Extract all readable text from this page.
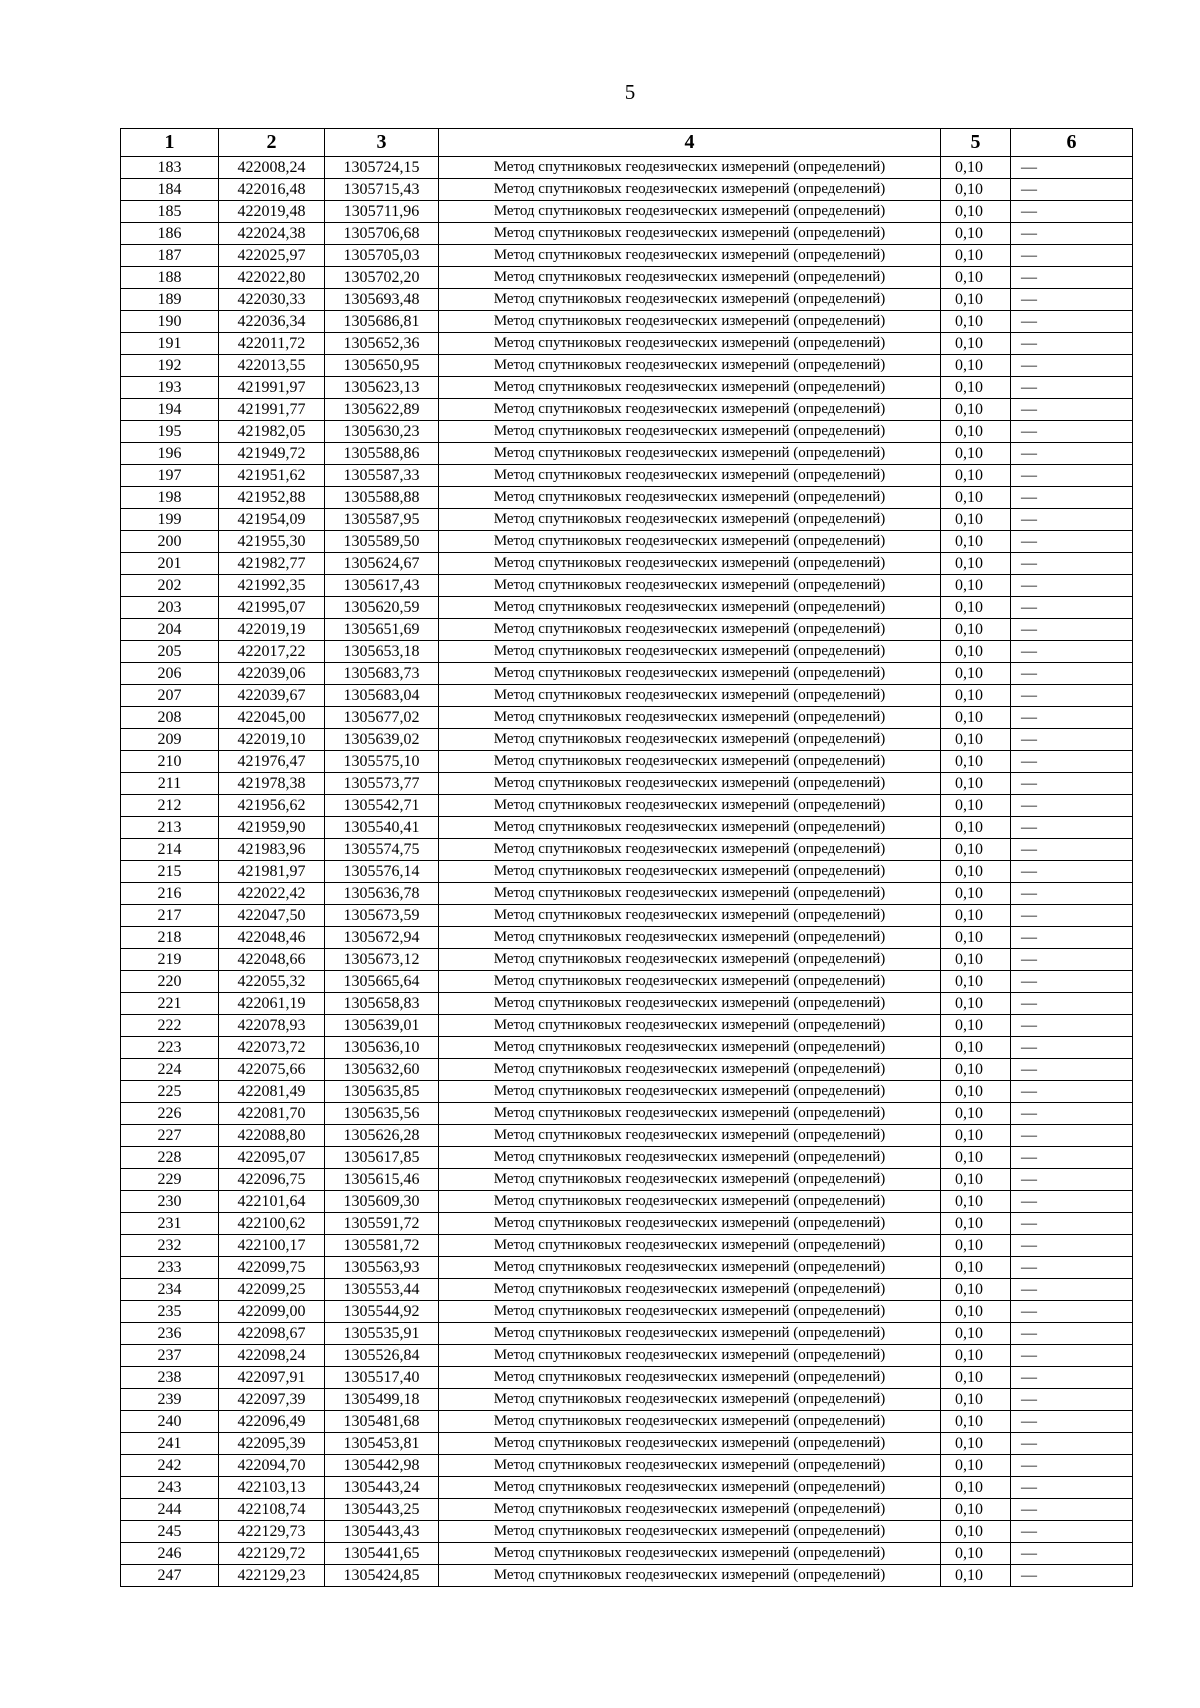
5
1	2	3	4	5	6
183	422008,24	1305724,15	Метод спутниковых геодезических измерений (определений)	0,10	—
184	422016,48	1305715,43	Метод спутниковых геодезических измерений (определений)	0,10	—
185	422019,48	1305711,96	Метод спутниковых геодезических измерений (определений)	0,10	—
186	422024,38	1305706,68	Метод спутниковых геодезических измерений (определений)	0,10	—
187	422025,97	1305705,03	Метод спутниковых геодезических измерений (определений)	0,10	—
188	422022,80	1305702,20	Метод спутниковых геодезических измерений (определений)	0,10	—
189	422030,33	1305693,48	Метод спутниковых геодезических измерений (определений)	0,10	—
190	422036,34	1305686,81	Метод спутниковых геодезических измерений (определений)	0,10	—
191	422011,72	1305652,36	Метод спутниковых геодезических измерений (определений)	0,10	—
192	422013,55	1305650,95	Метод спутниковых геодезических измерений (определений)	0,10	—
193	421991,97	1305623,13	Метод спутниковых геодезических измерений (определений)	0,10	—
194	421991,77	1305622,89	Метод спутниковых геодезических измерений (определений)	0,10	—
195	421982,05	1305630,23	Метод спутниковых геодезических измерений (определений)	0,10	—
196	421949,72	1305588,86	Метод спутниковых геодезических измерений (определений)	0,10	—
197	421951,62	1305587,33	Метод спутниковых геодезических измерений (определений)	0,10	—
198	421952,88	1305588,88	Метод спутниковых геодезических измерений (определений)	0,10	—
199	421954,09	1305587,95	Метод спутниковых геодезических измерений (определений)	0,10	—
200	421955,30	1305589,50	Метод спутниковых геодезических измерений (определений)	0,10	—
201	421982,77	1305624,67	Метод спутниковых геодезических измерений (определений)	0,10	—
202	421992,35	1305617,43	Метод спутниковых геодезических измерений (определений)	0,10	—
203	421995,07	1305620,59	Метод спутниковых геодезических измерений (определений)	0,10	—
204	422019,19	1305651,69	Метод спутниковых геодезических измерений (определений)	0,10	—
205	422017,22	1305653,18	Метод спутниковых геодезических измерений (определений)	0,10	—
206	422039,06	1305683,73	Метод спутниковых геодезических измерений (определений)	0,10	—
207	422039,67	1305683,04	Метод спутниковых геодезических измерений (определений)	0,10	—
208	422045,00	1305677,02	Метод спутниковых геодезических измерений (определений)	0,10	—
209	422019,10	1305639,02	Метод спутниковых геодезических измерений (определений)	0,10	—
210	421976,47	1305575,10	Метод спутниковых геодезических измерений (определений)	0,10	—
211	421978,38	1305573,77	Метод спутниковых геодезических измерений (определений)	0,10	—
212	421956,62	1305542,71	Метод спутниковых геодезических измерений (определений)	0,10	—
213	421959,90	1305540,41	Метод спутниковых геодезических измерений (определений)	0,10	—
214	421983,96	1305574,75	Метод спутниковых геодезических измерений (определений)	0,10	—
215	421981,97	1305576,14	Метод спутниковых геодезических измерений (определений)	0,10	—
216	422022,42	1305636,78	Метод спутниковых геодезических измерений (определений)	0,10	—
217	422047,50	1305673,59	Метод спутниковых геодезических измерений (определений)	0,10	—
218	422048,46	1305672,94	Метод спутниковых геодезических измерений (определений)	0,10	—
219	422048,66	1305673,12	Метод спутниковых геодезических измерений (определений)	0,10	—
220	422055,32	1305665,64	Метод спутниковых геодезических измерений (определений)	0,10	—
221	422061,19	1305658,83	Метод спутниковых геодезических измерений (определений)	0,10	—
222	422078,93	1305639,01	Метод спутниковых геодезических измерений (определений)	0,10	—
223	422073,72	1305636,10	Метод спутниковых геодезических измерений (определений)	0,10	—
224	422075,66	1305632,60	Метод спутниковых геодезических измерений (определений)	0,10	—
225	422081,49	1305635,85	Метод спутниковых геодезических измерений (определений)	0,10	—
226	422081,70	1305635,56	Метод спутниковых геодезических измерений (определений)	0,10	—
227	422088,80	1305626,28	Метод спутниковых геодезических измерений (определений)	0,10	—
228	422095,07	1305617,85	Метод спутниковых геодезических измерений (определений)	0,10	—
229	422096,75	1305615,46	Метод спутниковых геодезических измерений (определений)	0,10	—
230	422101,64	1305609,30	Метод спутниковых геодезических измерений (определений)	0,10	—
231	422100,62	1305591,72	Метод спутниковых геодезических измерений (определений)	0,10	—
232	422100,17	1305581,72	Метод спутниковых геодезических измерений (определений)	0,10	—
233	422099,75	1305563,93	Метод спутниковых геодезических измерений (определений)	0,10	—
234	422099,25	1305553,44	Метод спутниковых геодезических измерений (определений)	0,10	—
235	422099,00	1305544,92	Метод спутниковых геодезических измерений (определений)	0,10	—
236	422098,67	1305535,91	Метод спутниковых геодезических измерений (определений)	0,10	—
237	422098,24	1305526,84	Метод спутниковых геодезических измерений (определений)	0,10	—
238	422097,91	1305517,40	Метод спутниковых геодезических измерений (определений)	0,10	—
239	422097,39	1305499,18	Метод спутниковых геодезических измерений (определений)	0,10	—
240	422096,49	1305481,68	Метод спутниковых геодезических измерений (определений)	0,10	—
241	422095,39	1305453,81	Метод спутниковых геодезических измерений (определений)	0,10	—
242	422094,70	1305442,98	Метод спутниковых геодезических измерений (определений)	0,10	—
243	422103,13	1305443,24	Метод спутниковых геодезических измерений (определений)	0,10	—
244	422108,74	1305443,25	Метод спутниковых геодезических измерений (определений)	0,10	—
245	422129,73	1305443,43	Метод спутниковых геодезических измерений (определений)	0,10	—
246	422129,72	1305441,65	Метод спутниковых геодезических измерений (определений)	0,10	—
247	422129,23	1305424,85	Метод спутниковых геодезических измерений (определений)	0,10	—
